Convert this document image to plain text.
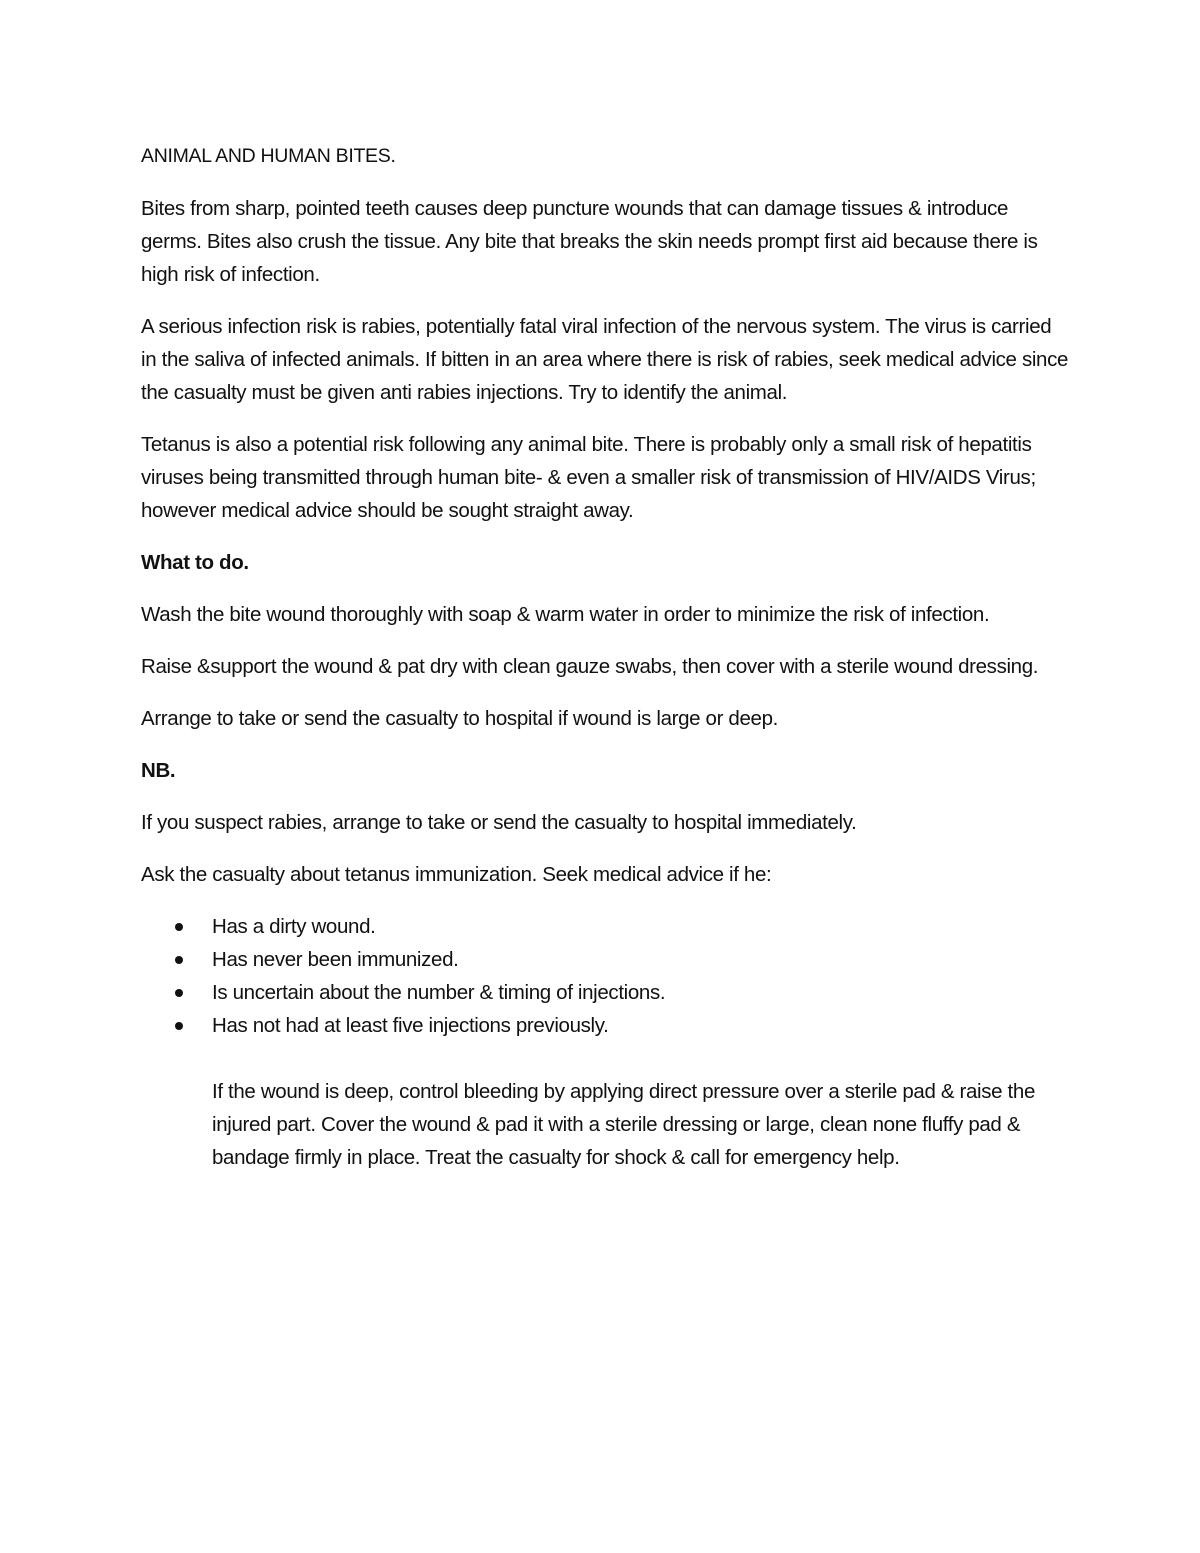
ANIMAL AND HUMAN BITES.

Bites from sharp, pointed teeth causes deep puncture wounds that can damage tissues & introduce germs. Bites also crush the tissue. Any bite that breaks the skin needs prompt first aid because there is high risk of infection.

A serious infection risk is rabies, potentially fatal viral infection of the nervous system. The virus is carried in the saliva of infected animals. If bitten in an area where there is risk of rabies, seek medical advice since the casualty must be given anti rabies injections. Try to identify the animal.

Tetanus is also a potential risk following any animal bite. There is probably only a small risk of hepatitis viruses being transmitted through human bite- & even a smaller risk of transmission of HIV/AIDS Virus; however medical advice should be sought straight away.

What to do.

Wash the bite wound thoroughly with soap & warm water in order to minimize the risk of infection.

Raise &support the wound & pat dry with clean gauze swabs, then cover with a sterile wound dressing.

Arrange to take or send the casualty to hospital if wound is large or deep.

NB.

If you suspect rabies, arrange to take or send the casualty to hospital immediately.

Ask the casualty about tetanus immunization. Seek medical advice if he:

Has a dirty wound.
Has never been immunized.
Is uncertain about the number & timing of injections.
Has not had at least five injections previously.

If the wound is deep, control bleeding by applying direct pressure over a sterile pad & raise the injured part. Cover the wound & pad it with a sterile dressing or large, clean none fluffy pad & bandage firmly in place. Treat the casualty for shock & call for emergency help.
